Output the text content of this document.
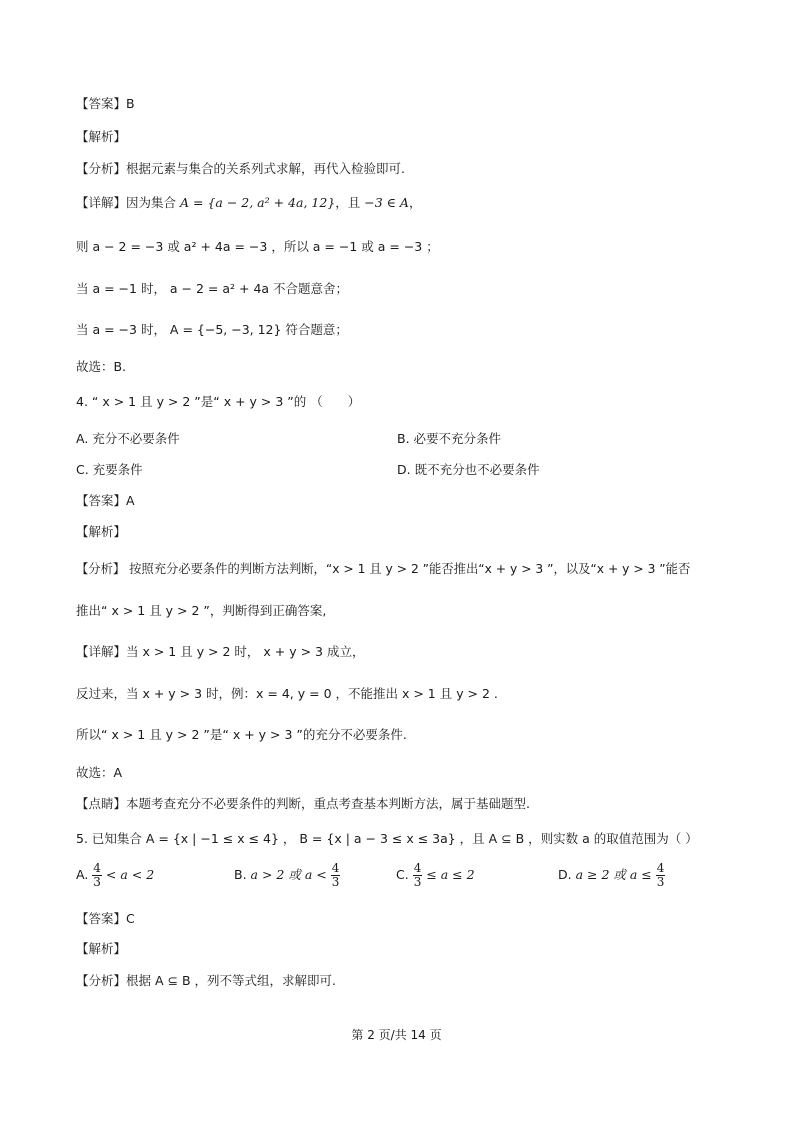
【答案】B
【解析】
【分析】根据元素与集合的关系列式求解，再代入检验即可.
【详解】因为集合 A = {a − 2, a² + 4a, 12}，且 −3 ∈ A，
则 a − 2 = −3 或 a² + 4a = −3 ，所以 a = −1 或 a = −3 ；
当 a = −1 时， a − 2 = a² + 4a 不合题意舍；
当 a = −3 时， A = {−5, −3, 12} 符合题意；
故选：B.
4. “ x > 1 且 y > 2 ”是“ x + y > 3 ”的 （　　）
A. 充分不必要条件	B. 必要不充分条件
C. 充要条件	D. 既不充分也不必要条件
【答案】A
【解析】
【分析】 按照充分必要条件的判断方法判断，“x > 1 且 y > 2 ”能否推出“x + y > 3 ”，以及“x + y > 3 ”能否
推出“ x > 1 且 y > 2 ”，判断得到正确答案,
【详解】当 x > 1 且 y > 2 时， x + y > 3 成立，
反过来，当 x + y > 3 时，例：x = 4, y = 0 ，不能推出 x > 1 且 y > 2 .
所以“ x > 1 且 y > 2 ”是“ x + y > 3 ”的充分不必要条件.
故选：A
【点睛】本题考查充分不必要条件的判断，重点考查基本判断方法，属于基础题型.
5. 已知集合 A = {x | −1 ≤ x ≤ 4} ， B = {x | a − 3 ≤ x ≤ 3a} ，且 A ⊆ B ，则实数 a 的取值范围为（ ）
A. $\frac{4}{3} < a < 2$	B. a > 2 或 $a < \frac{4}{3}$	C. $\frac{4}{3} \le a \le 2$	D. a ≥ 2 或 $a \le \frac{4}{3}$
【答案】C
【解析】
【分析】根据 A ⊆ B ，列不等式组，求解即可.
第 2 页/共 14 页
